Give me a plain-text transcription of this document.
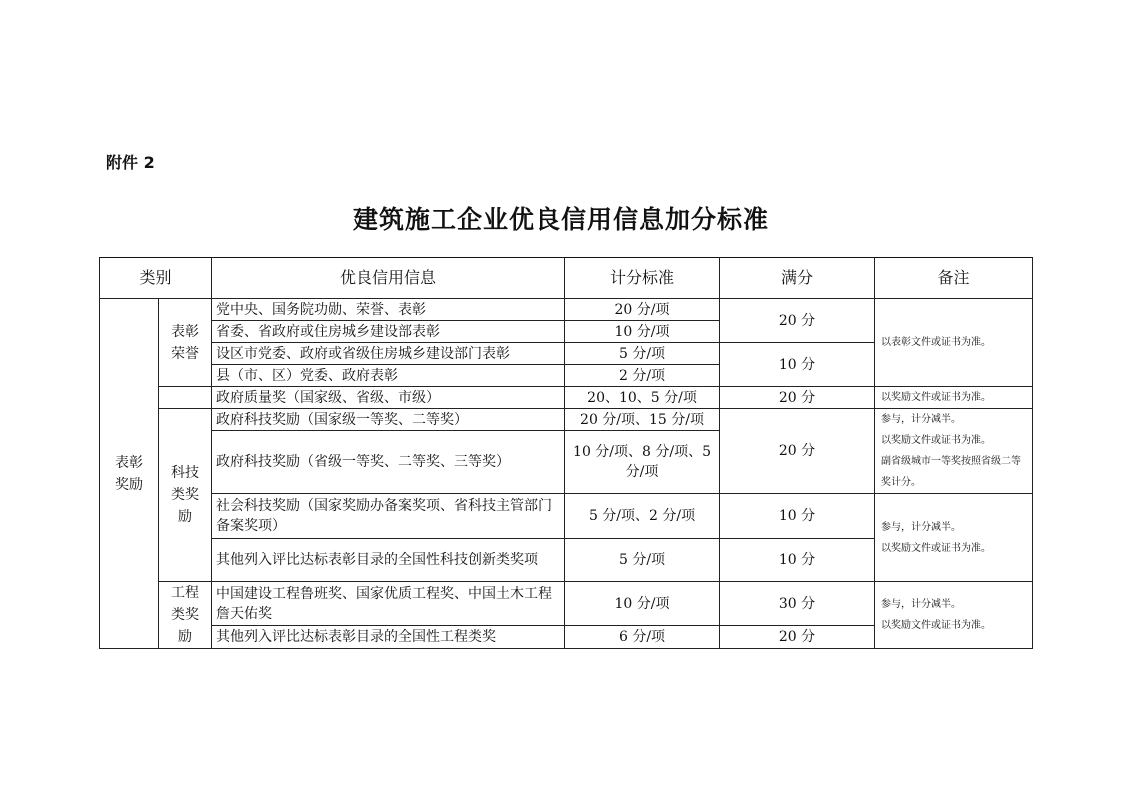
附件 2
建筑施工企业优良信用信息加分标准
类别		优良信用信息	计分标准	满分	备注
表彰奖励	表彰荣誉	党中央、国务院功勋、荣誉、表彰	20 分/项	20 分	以表彰文件或证书为准。
		省委、省政府或住房城乡建设部表彰	10 分/项		
		设区市党委、政府或省级住房城乡建设部门表彰	5 分/项	10 分	
		县（市、区）党委、政府表彰	2 分/项		
		政府质量奖（国家级、省级、市级）	20、10、5 分/项	20 分	以奖励文件或证书为准。
	科技类奖励	政府科技奖励（国家级一等奖、二等奖）	20 分/项、15 分/项	20 分	参与，计分减半。
以奖励文件或证书为准。
副省级城市一等奖按照省级二等奖计分。

		政府科技奖励（省级一等奖、二等奖、三等奖）	10 分/项、8 分/项、5 分/项		
		社会科技奖励（国家奖励办备案奖项、省科技主管部门备案奖项）	5 分/项、2 分/项	10 分	参与，计分减半。
以奖励文件或证书为准。

		其他列入评比达标表彰目录的全国性科技创新类奖项	5 分/项	10 分	
	工程类奖励	中国建设工程鲁班奖、国家优质工程奖、中国土木工程詹天佑奖	10 分/项	30 分	参与，计分减半。
以奖励文件或证书为准。

		其他列入评比达标表彰目录的全国性工程类奖	6 分/项	20 分	
